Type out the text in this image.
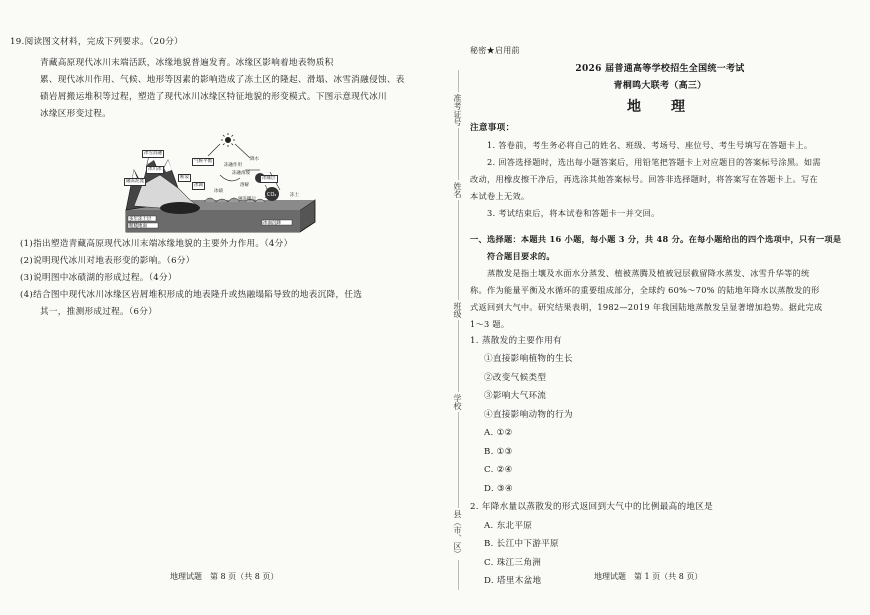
19.阅读图文材料，完成下列要求。（20分）
青藏高原现代冰川末端活跃，冰缘地貌普遍发育。冰缘区影响着地表物质积
累、现代冰川作用、气候、地形等因素的影响造成了冻土区的隆起、滑塌、冰雪消融侵蚀、表
碛岩屑搬运堆积等过程，塑造了现代冰川冰缘区特征地貌的形变模式。下图示意现代冰川
冰缘区形变过程。
CO₂
冰雪消融
气候平衡
冰川冰
融冻泥流
断裂
冻融作用
降水
冰湖
冰碛
溶解
冻融滑坡
融冻搬运
冰缘层
冻土
多年冻土层
冰面沉降
粗糙地面
(1)指出塑造青藏高原现代冰川末端冰缘地貌的主要外力作用。（4分）
(2)说明现代冰川对地表形变的影响。（6分）
(3)说明图中冰碛湖的形成过程。（4分）
(4)结合图中现代冰川冰缘区岩屑堆积形成的地表隆升或热融塌陷导致的地表沉降，任选
其一，推测形成过程。（6分）
地理试题　第 8 页（共 8 页）
准考证号
姓名
班级
学校
县（市、区）
秘密★启用前
2026 届普通高等学校招生全国统一考试
青桐鸣大联考（高三）
地　理
注意事项：
1. 答卷前，考生务必将自己的姓名、班级、考场号、座位号、考生号填写在答题卡上。
2. 回答选择题时，选出每小题答案后，用铅笔把答题卡上对应题目的答案标号涂黑。如需
改动，用橡皮擦干净后，再选涂其他答案标号。回答非选择题时，将答案写在答题卡上。写在
本试卷上无效。
3. 考试结束后，将本试卷和答题卡一并交回。
一、选择题：本题共 16 小题，每小题 3 分，共 48 分。在每小题给出的四个选项中，只有一项是
符合题目要求的。
蒸散发是指土壤及水面水分蒸发、植被蒸腾及植被冠层截留降水蒸发、冰雪升华等的统
称。作为能量平衡及水循环的重要组成部分，全球约 60%～70% 的陆地年降水以蒸散发的形
式返回到大气中。研究结果表明，1982—2019 年我国陆地蒸散发呈显著增加趋势。据此完成
1～3 题。
1. 蒸散发的主要作用有
①直接影响植物的生长
②改变气候类型
③影响大气环流
④直接影响动物的行为
A. ①②
B. ①③
C. ②④
D. ③④
2. 年降水量以蒸散发的形式返回到大气中的比例最高的地区是
A. 东北平原
B. 长江中下游平原
C. 珠江三角洲
D. 塔里木盆地	地理试题　第 1 页（共 8 页）
